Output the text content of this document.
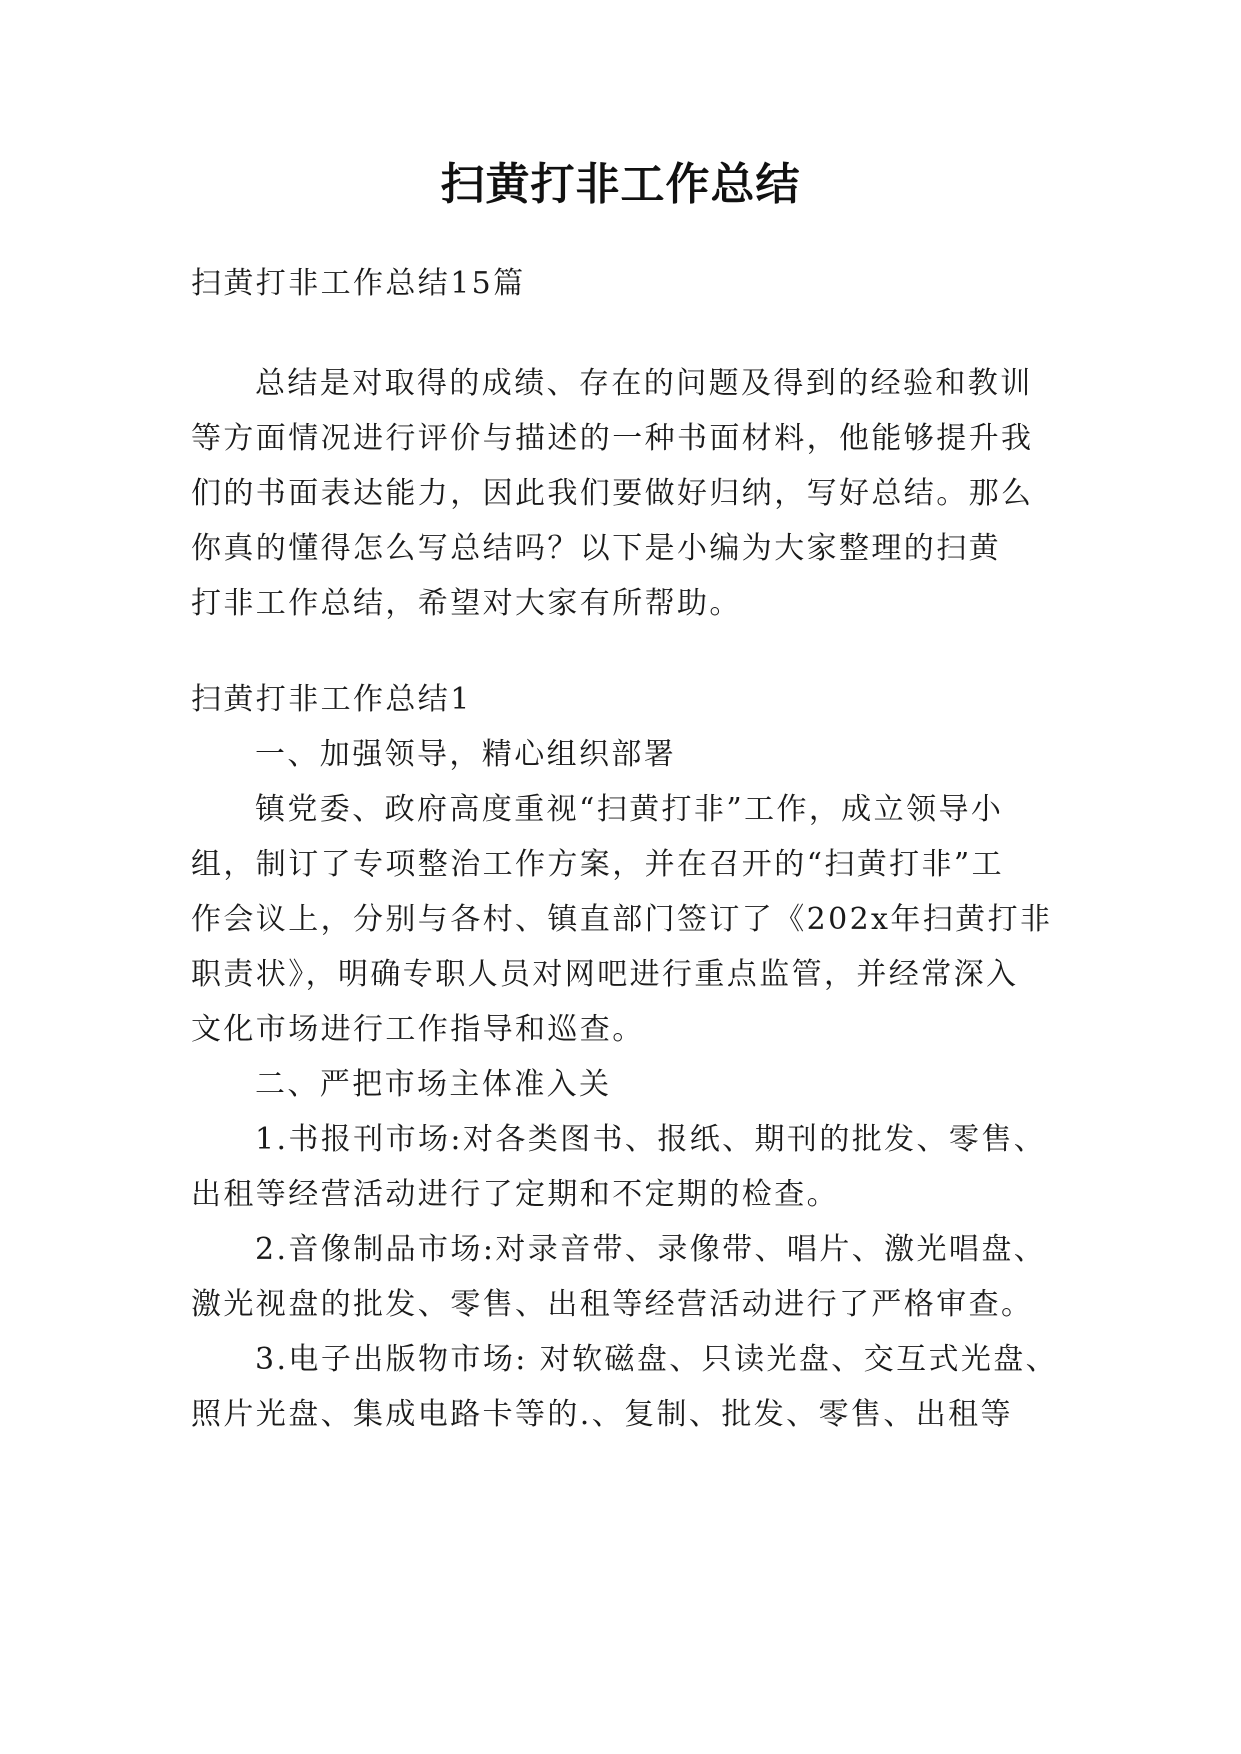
扫黄打非工作总结
扫黄打非工作总结15篇
总结是对取得的成绩、存在的问题及得到的经验和教训
等方面情况进行评价与描述的一种书面材料，他能够提升我
们的书面表达能力，因此我们要做好归纳，写好总结。那么
你真的懂得怎么写总结吗？以下是小编为大家整理的扫黄
打非工作总结，希望对大家有所帮助。
扫黄打非工作总结1
一、加强领导，精心组织部署
镇党委、政府高度重视“扫黄打非”工作，成立领导小
组，制订了专项整治工作方案，并在召开的“扫黄打非”工
作会议上，分别与各村、镇直部门签订了《202x年扫黄打非
职责状》，明确专职人员对网吧进行重点监管，并经常深入
文化市场进行工作指导和巡查。
二、严把市场主体准入关
1.书报刊市场:对各类图书、报纸、期刊的批发、零售、
出租等经营活动进行了定期和不定期的检查。
2.音像制品市场:对录音带、录像带、唱片、激光唱盘、
激光视盘的批发、零售、出租等经营活动进行了严格审查。
3.电子出版物市场: 对软磁盘、只读光盘、交互式光盘、
照片光盘、集成电路卡等的.、复制、批发、零售、出租等
